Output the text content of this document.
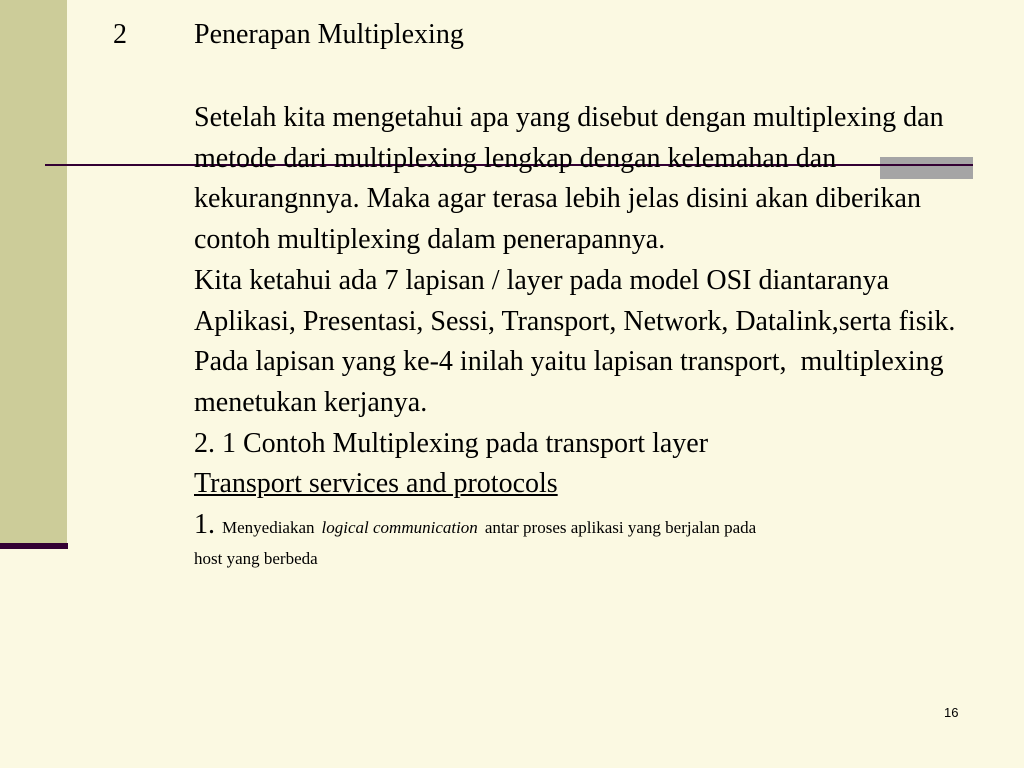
2 Penerapan Multiplexing

Setelah kita mengetahui apa yang disebut dengan multiplexing dan metode dari multiplexing lengkap dengan kelemahan dan kekurangnnya. Maka agar terasa lebih jelas disini akan diberikan contoh multiplexing dalam penerapannya.

Kita ketahui ada 7 lapisan / layer pada model OSI diantaranya Aplikasi, Presentasi, Sessi, Transport, Network, Datalink,serta fisik. Pada lapisan yang ke-4 inilah yaitu lapisan transport,  multiplexing menetukan kerjanya.

2. 1 Contoh Multiplexing pada transport layer

Transport services and protocols

1. Menyediakan logical communication antar proses aplikasi yang berjalan pada

host yang berbeda

16
